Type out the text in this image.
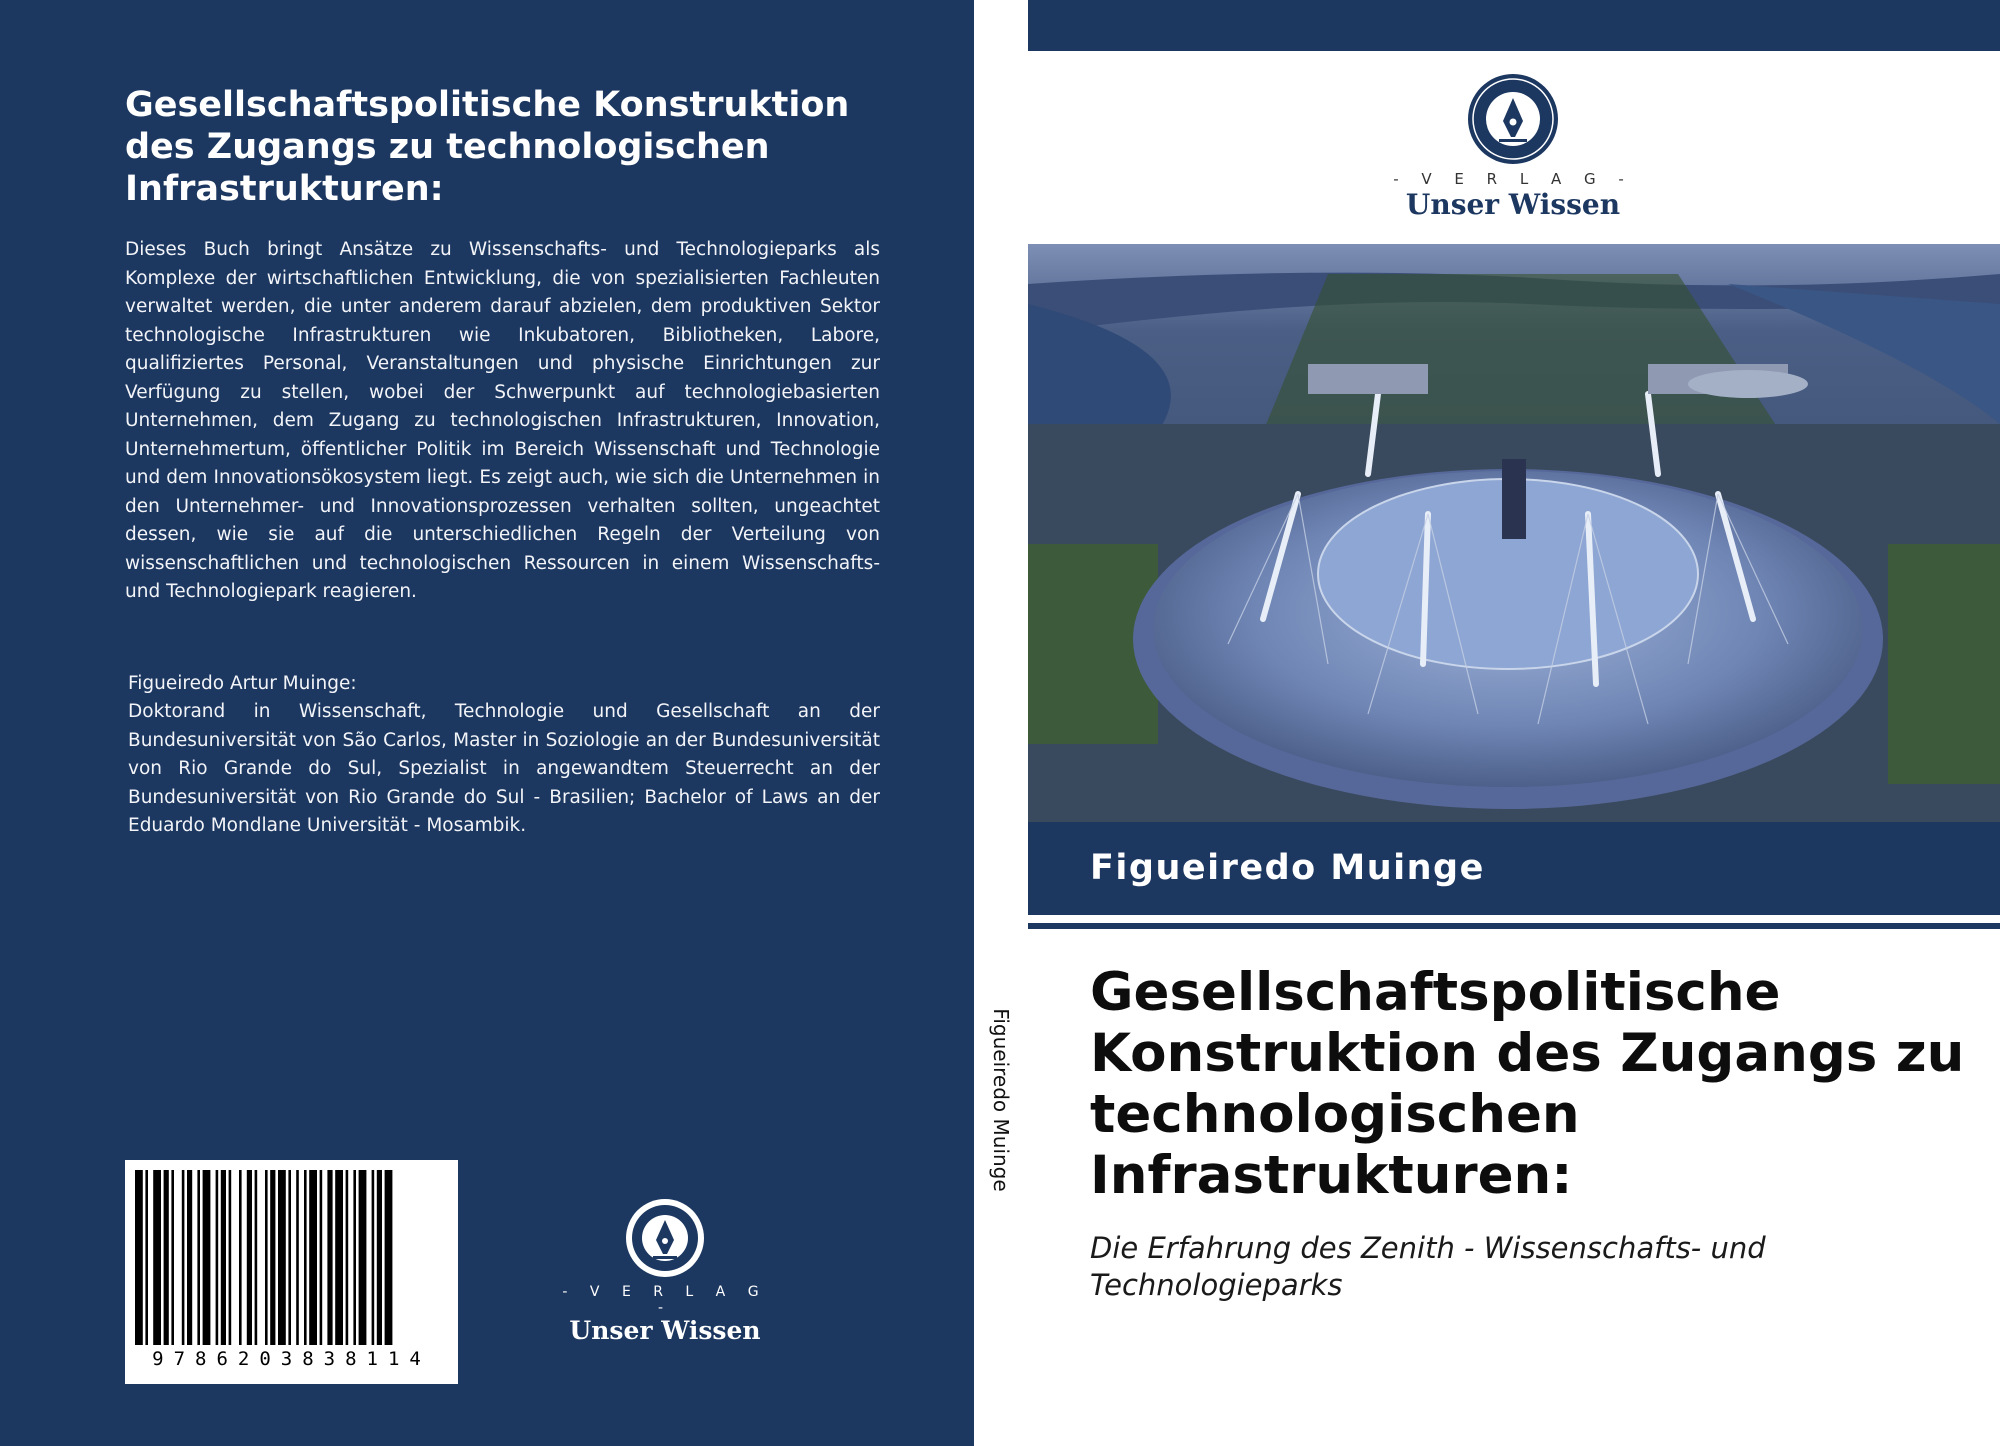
Gesellschaftspolitische Konstruktion des Zugangs zu technologischen Infrastrukturen:

Dieses Buch bringt Ansätze zu Wissenschafts- und Technologieparks als Komplexe der wirtschaftlichen Entwicklung, die von spezialisierten Fachleuten verwaltet werden, die unter anderem darauf abzielen, dem produktiven Sektor technologische Infrastrukturen wie Inkubatoren, Bibliotheken, Labore, qualifiziertes Personal, Veranstaltungen und physische Einrichtungen zur Verfügung zu stellen, wobei der Schwerpunkt auf technologiebasierten Unternehmen, dem Zugang zu technologischen Infrastrukturen, Innovation, Unternehmertum, öffentlicher Politik im Bereich Wissenschaft und Technologie und dem Innovationsökosystem liegt. Es zeigt auch, wie sich die Unternehmen in den Unternehmer- und Innovationsprozessen verhalten sollten, ungeachtet dessen, wie sie auf die unterschiedlichen Regeln der Verteilung von wissenschaftlichen und technologischen Ressourcen in einem Wissenschafts- und Technologiepark reagieren.

Figueiredo Artur Muinge:

Doktorand in Wissenschaft, Technologie und Gesellschaft an der Bundesuniversität von São Carlos, Master in Soziologie an der Bundesuniversität von Rio Grande do Sul, Spezialist in angewandtem Steuerrecht an der Bundesuniversität von Rio Grande do Sul - Brasilien; Bachelor of Laws an der Eduardo Mondlane Universität - Mosambik.

9786203838114
- V E R L A G -
Unser Wissen
Figueiredo Muinge
- V E R L A G -
Unser Wissen
Figueiredo Muinge
Gesellschaftspolitische Konstruktion des Zugangs zu technologischen Infrastrukturen:

Die Erfahrung des Zenith - Wissenschafts- und Technologieparks
